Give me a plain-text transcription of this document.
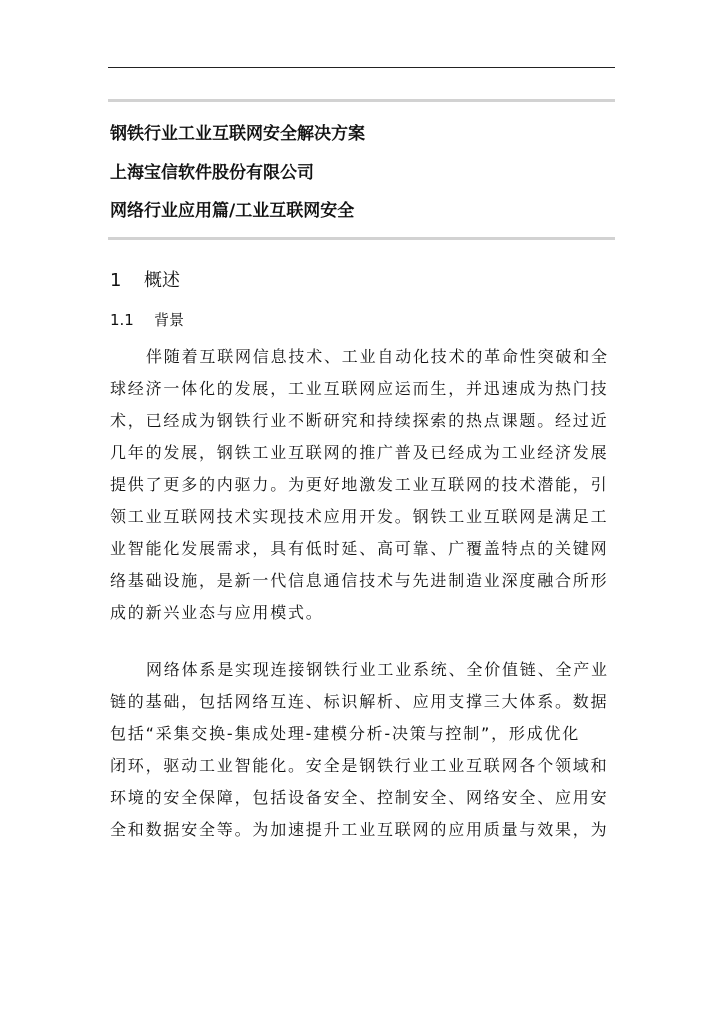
钢铁行业工业互联网安全解决方案
上海宝信软件股份有限公司
网络行业应用篇/工业互联网安全
1 概述
1.1 背景
伴随着互联网信息技术、工业自动化技术的革命性突破和全
球经济一体化的发展，工业互联网应运而生，并迅速成为热门技
术，已经成为钢铁行业不断研究和持续探索的热点课题。经过近
几年的发展，钢铁工业互联网的推广普及已经成为工业经济发展
提供了更多的内驱力。为更好地激发工业互联网的技术潜能，引
领工业互联网技术实现技术应用开发。钢铁工业互联网是满足工
业智能化发展需求，具有低时延、高可靠、广覆盖特点的关键网
络基础设施，是新一代信息通信技术与先进制造业深度融合所形
成的新兴业态与应用模式。
网络体系是实现连接钢铁行业工业系统、全价值链、全产业
链的基础，包括网络互连、标识解析、应用支撑三大体系。数据
包括“采集交换-集成处理-建模分析-决策与控制”，形成优化
闭环，驱动工业智能化。安全是钢铁行业工业互联网各个领域和
环境的安全保障，包括设备安全、控制安全、网络安全、应用安
全和数据安全等。为加速提升工业互联网的应用质量与效果，为
